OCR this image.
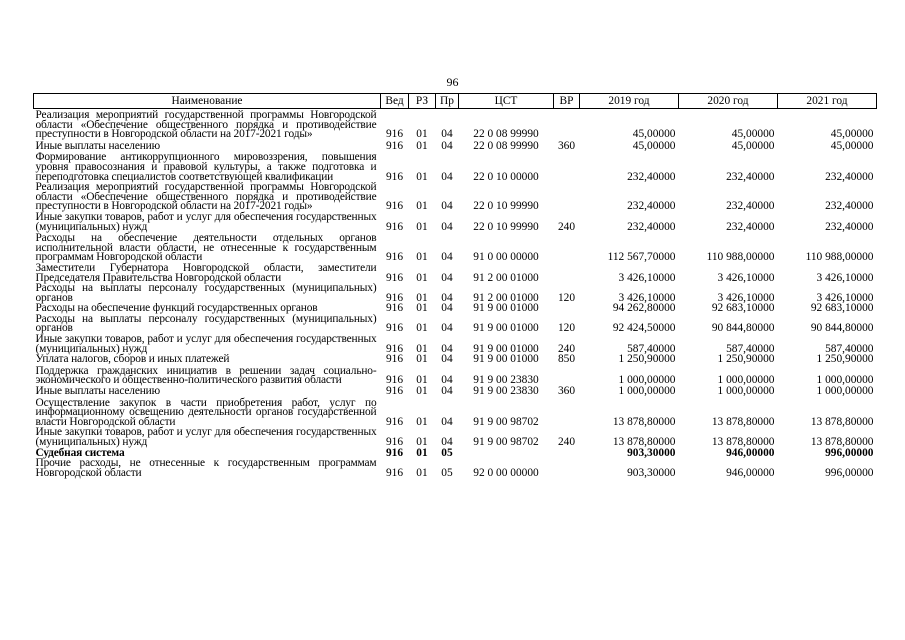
96
Наименование	Вед	РЗ	Пр	ЦСТ	ВР	2019 год	2020 год	2021 год
Реализация мероприятий государственной программы Новгородской области «Обеспечение общественного порядка и противодействие преступности в Новгородской области на 2017-2021 годы»	916	01	04	22 0 08 99990		45,00000	45,00000	45,00000
Иные выплаты населению	916	01	04	22 0 08 99990	360	45,00000	45,00000	45,00000
Формирование антикоррупционного мировоззрения, повышения уровня правосознания и правовой культуры, а также подготовка и переподготовка специалистов соответствующей квалификации	916	01	04	22 0 10 00000		232,40000	232,40000	232,40000
Реализация мероприятий государственной программы Новгородской области «Обеспечение общественного порядка и противодействие преступности в Новгородской области на 2017-2021 годы»	916	01	04	22 0 10 99990		232,40000	232,40000	232,40000
Иные закупки товаров, работ и услуг для обеспечения государственных (муниципальных) нужд	916	01	04	22 0 10 99990	240	232,40000	232,40000	232,40000
Расходы на обеспечение деятельности отдельных органов исполнительной власти области, не отнесенные к государственным программам Новгородской области	916	01	04	91 0 00 00000		112 567,70000	110 988,00000	110 988,00000
Заместители Губернатора Новгородской области, заместители Председателя Правительства Новгородской области	916	01	04	91 2 00 01000		3 426,10000	3 426,10000	3 426,10000
Расходы на выплаты персоналу государственных (муниципальных) органов	916	01	04	91 2 00 01000	120	3 426,10000	3 426,10000	3 426,10000
Расходы на обеспечение функций государственных органов	916	01	04	91 9 00 01000		94 262,80000	92 683,10000	92 683,10000
Расходы на выплаты персоналу государственных (муниципальных) органов	916	01	04	91 9 00 01000	120	92 424,50000	90 844,80000	90 844,80000
Иные закупки товаров, работ и услуг для обеспечения государственных (муниципальных) нужд	916	01	04	91 9 00 01000	240	587,40000	587,40000	587,40000
Уплата налогов, сборов и иных платежей	916	01	04	91 9 00 01000	850	1 250,90000	1 250,90000	1 250,90000
Поддержка гражданских инициатив в решении задач социально-экономического и общественно-политического развития области	916	01	04	91 9 00 23830		1 000,00000	1 000,00000	1 000,00000
Иные выплаты населению	916	01	04	91 9 00 23830	360	1 000,00000	1 000,00000	1 000,00000
Осуществление закупок в части приобретения работ, услуг по информационному освещению деятельности органов государственной власти Новгородской области	916	01	04	91 9 00 98702		13 878,80000	13 878,80000	13 878,80000
Иные закупки товаров, работ и услуг для обеспечения государственных (муниципальных) нужд	916	01	04	91 9 00 98702	240	13 878,80000	13 878,80000	13 878,80000
Судебная система	916	01	05			903,30000	946,00000	996,00000
Прочие расходы, не отнесенные к государственным программам Новгородской области	916	01	05	92 0 00 00000		903,30000	946,00000	996,00000
